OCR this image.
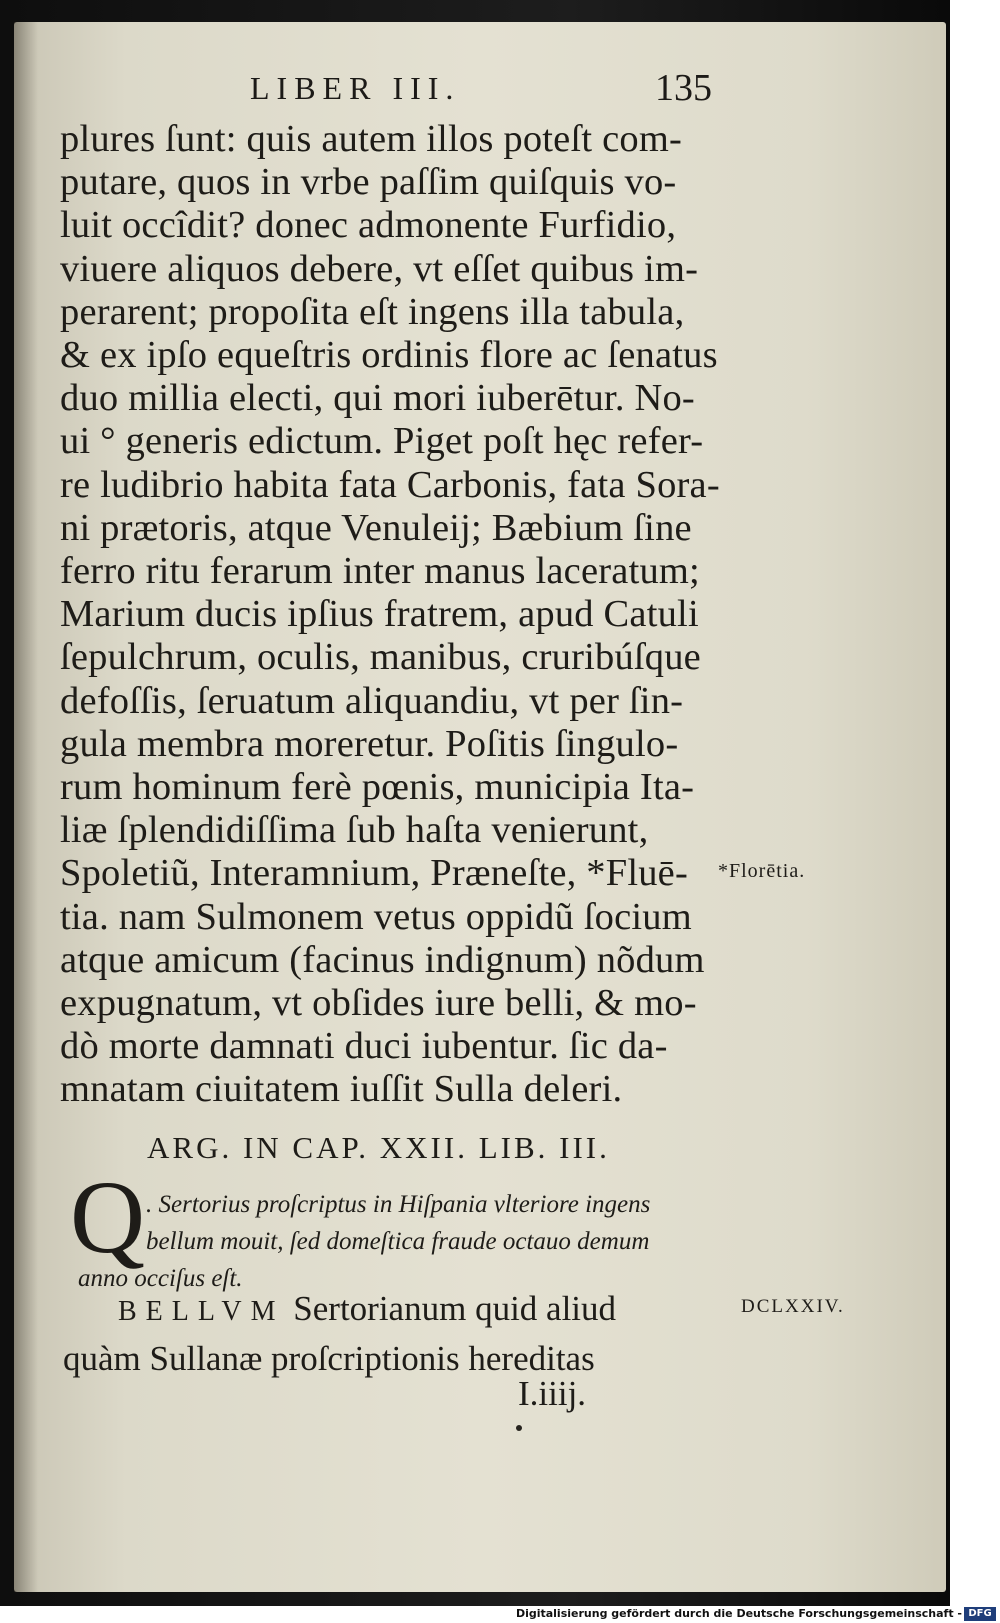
LIBER III.	135
plures ſunt: quis autem illos poteſt com-
putare, quos in vrbe paſſim quiſquis vo-
luit occîdit? donec admonente Furfidio,
viuere aliquos debere, vt eſſet quibus im-
perarent; propoſita eſt ingens illa tabula,
& ex ipſo equeſtris ordinis flore ac ſenatus
duo millia electi, qui mori iuberētur. No-
ui ° generis edictum. Piget poſt hęc refer-
re ludibrio habita fata Carbonis, fata Sora-
ni prætoris, atque Venuleij; Bæbium ſine
ferro ritu ferarum inter manus laceratum;
Marium ducis ipſius fratrem, apud Catuli
ſepulchrum, oculis, manibus, cruribúſque
defoſſis, ſeruatum aliquandiu, vt per ſin-
gula membra moreretur. Poſitis ſingulo-
rum hominum ferè pœnis, municipia Ita-
liæ ſplendidiſſima ſub haſta venierunt,
Spoletiũ, Interamnium, Præneſte, *Fluē-
tia. nam Sulmonem vetus oppidũ ſocium
atque amicum (facinus indignum) nõdum
expugnatum, vt obſides iure belli, & mo-
dò morte damnati duci iubentur. ſic da-
mnatam ciuitatem iuſſit Sulla deleri.
*Florētia.
ARG. IN CAP. XXII. LIB. III.
Q . Sertorius proſcriptus in Hiſpania vlteriore ingens
bellum mouit, ſed domeſtica fraude octauo demum
anno occiſus eſt.
BELLVM Sertorianum quid aliud
quàm Sullanæ proſcriptionis hereditas
DCLXXIV.
I.iiij.
Digitalisierung gefördert durch die Deutsche Forschungsgemeinschaft - DFG
